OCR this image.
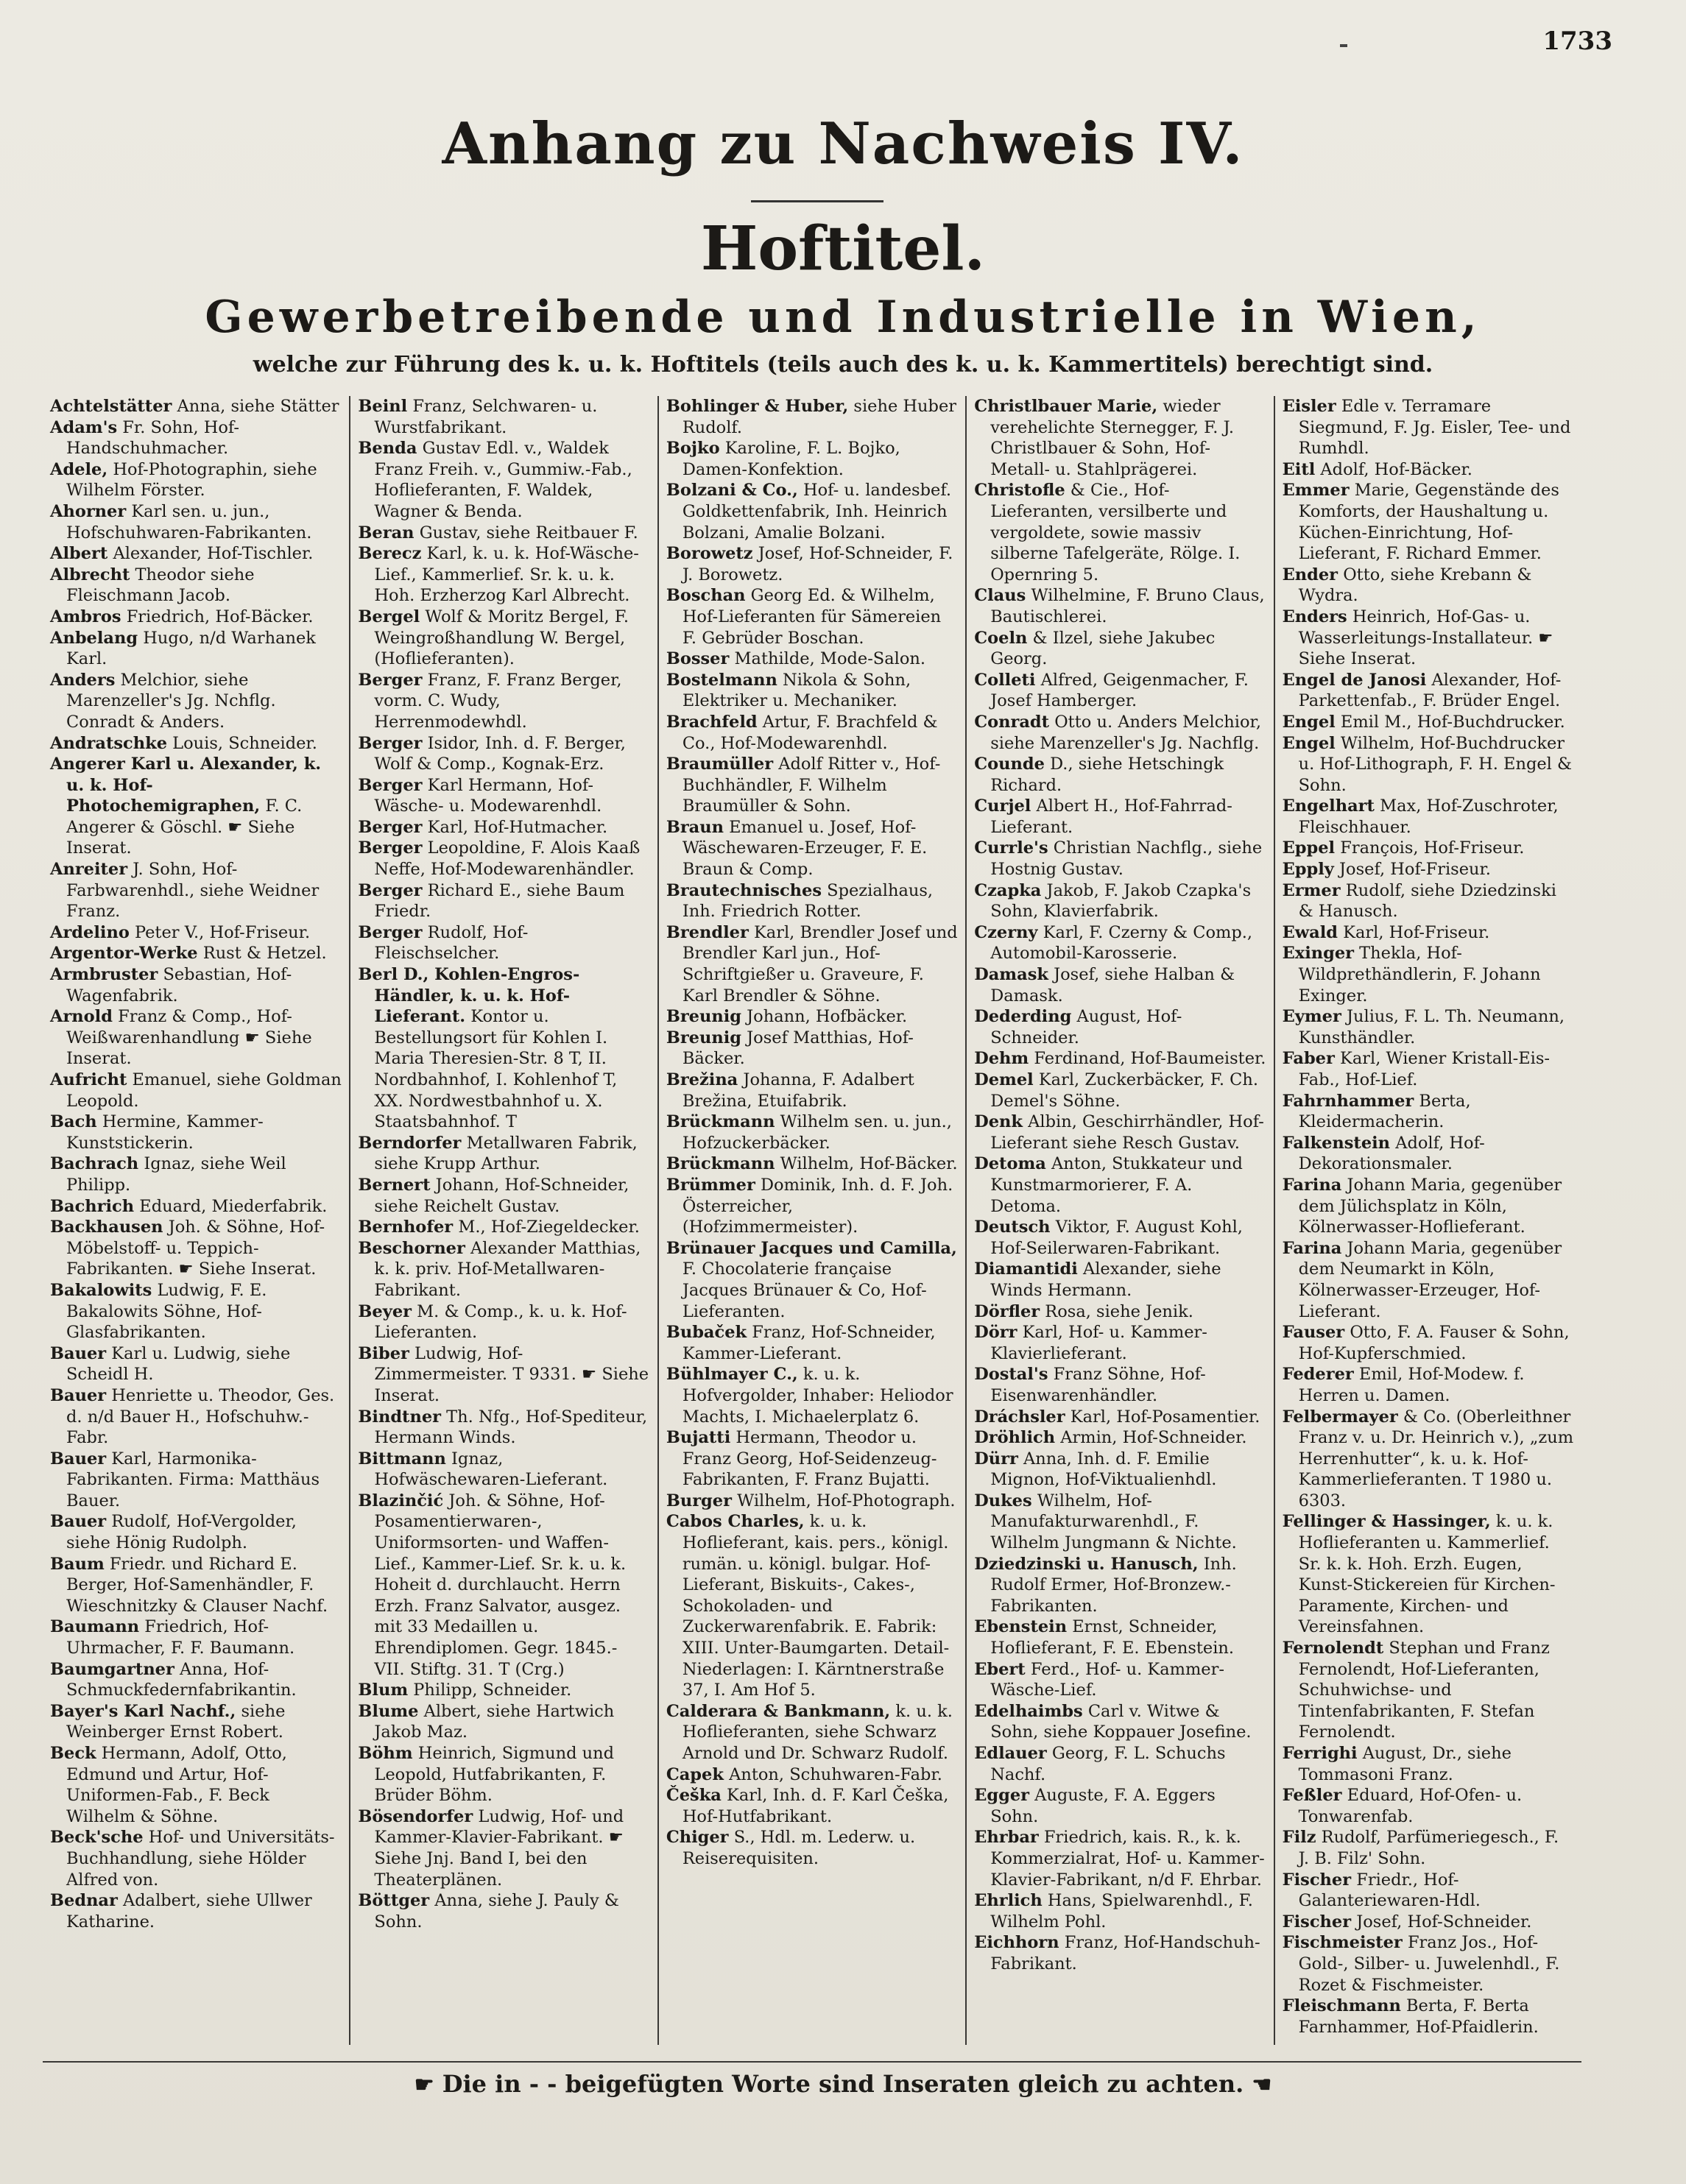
1733
Anhang zu Nachweis IV.
Hoftitel.
Gewerbetreibende und Industrielle in Wien,
welche zur Führung des k. u. k. Hoftitels (teils auch des k. u. k. Kammertitels) berechtigt sind.

Achtelstätter Anna, siehe Stätter

Adam's Fr. Sohn, Hof-Handschuhmacher.

Adele, Hof-Photographin, siehe Wilhelm Förster.

Ahorner Karl sen. u. jun., Hofschuhwaren-Fabrikanten.

Albert Alexander, Hof-Tischler.

Albrecht Theodor siehe Fleischmann Jacob.

Ambros Friedrich, Hof-Bäcker.

Anbelang Hugo, n/d Warhanek Karl.

Anders Melchior, siehe Marenzeller's Jg. Nchflg. Conradt & Anders.

Andratschke Louis, Schneider.

Angerer Karl u. Alexander, k. u. k. Hof-Photochemigraphen, F. C. Angerer & Göschl. ☛ Siehe Inserat.

Anreiter J. Sohn, Hof-Farbwarenhdl., siehe Weidner Franz.

Ardelino Peter V., Hof-Friseur.

Argentor-Werke Rust & Hetzel.

Armbruster Sebastian, Hof-Wagenfabrik.

Arnold Franz & Comp., Hof-Weißwarenhandlung ☛ Siehe Inserat.

Aufricht Emanuel, siehe Goldman Leopold.

Bach Hermine, Kammer-Kunststickerin.

Bachrach Ignaz, siehe Weil Philipp.

Bachrich Eduard, Miederfabrik.

Backhausen Joh. & Söhne, Hof-Möbelstoff- u. Teppich-Fabrikanten. ☛ Siehe Inserat.

Bakalowits Ludwig, F. E. Bakalowits Söhne, Hof-Glasfabrikanten.

Bauer Karl u. Ludwig, siehe Scheidl H.

Bauer Henriette u. Theodor, Ges. d. n/d Bauer H., Hofschuhw.-Fabr.

Bauer Karl, Harmonika-Fabrikanten. Firma: Matthäus Bauer.

Bauer Rudolf, Hof-Vergolder, siehe Hönig Rudolph.

Baum Friedr. und Richard E. Berger, Hof-Samenhändler, F. Wieschnitzky & Clauser Nachf.

Baumann Friedrich, Hof-Uhrmacher, F. F. Baumann.

Baumgartner Anna, Hof-Schmuckfedernfabrikantin.

Bayer's Karl Nachf., siehe Weinberger Ernst Robert.

Beck Hermann, Adolf, Otto, Edmund und Artur, Hof-Uniformen-Fab., F. Beck Wilhelm & Söhne.

Beck'sche Hof- und Universitäts-Buchhandlung, siehe Hölder Alfred von.

Bednar Adalbert, siehe Ullwer Katharine.

Beinl Franz, Selchwaren- u. Wurstfabrikant.

Benda Gustav Edl. v., Waldek Franz Freih. v., Gummiw.-Fab., Hoflieferanten, F. Waldek, Wagner & Benda.

Beran Gustav, siehe Reitbauer F.

Berecz Karl, k. u. k. Hof-Wäsche-Lief., Kammerlief. Sr. k. u. k. Hoh. Erzherzog Karl Albrecht.

Bergel Wolf & Moritz Bergel, F. Weingroßhandlung W. Bergel, (Hoflieferanten).

Berger Franz, F. Franz Berger, vorm. C. Wudy, Herrenmodewhdl.

Berger Isidor, Inh. d. F. Berger, Wolf & Comp., Kognak-Erz.

Berger Karl Hermann, Hof-Wäsche- u. Modewarenhdl.

Berger Karl, Hof-Hutmacher.

Berger Leopoldine, F. Alois Kaaß Neffe, Hof-Modewarenhändler.

Berger Richard E., siehe Baum Friedr.

Berger Rudolf, Hof-Fleischselcher.

Berl D., Kohlen-Engros-Händler, k. u. k. Hof-Lieferant. Kontor u. Bestellungsort für Kohlen I. Maria Theresien-Str. 8 T, II. Nordbahnhof, I. Kohlenhof T, XX. Nordwestbahnhof u. X. Staatsbahnhof. T

Berndorfer Metallwaren Fabrik, siehe Krupp Arthur.

Bernert Johann, Hof-Schneider, siehe Reichelt Gustav.

Bernhofer M., Hof-Ziegeldecker.

Beschorner Alexander Matthias, k. k. priv. Hof-Metallwaren-Fabrikant.

Beyer M. & Comp., k. u. k. Hof-Lieferanten.

Biber Ludwig, Hof-Zimmermeister. T 9331. ☛ Siehe Inserat.

Bindtner Th. Nfg., Hof-Spediteur, Hermann Winds.

Bittmann Ignaz, Hofwäschewaren-Lieferant.

Blazinčić Joh. & Söhne, Hof-Posamentierwaren-, Uniformsorten- und Waffen-Lief., Kammer-Lief. Sr. k. u. k. Hoheit d. durchlaucht. Herrn Erzh. Franz Salvator, ausgez. mit 33 Medaillen u. Ehrendiplomen. Gegr. 1845.- VII. Stiftg. 31. T (Crg.)

Blum Philipp, Schneider.

Blume Albert, siehe Hartwich Jakob Maz.

Böhm Heinrich, Sigmund und Leopold, Hutfabrikanten, F. Brüder Böhm.

Bösendorfer Ludwig, Hof- und Kammer-Klavier-Fabrikant. ☛ Siehe Jnj. Band I, bei den Theaterplänen.

Böttger Anna, siehe J. Pauly & Sohn.

Bohlinger & Huber, siehe Huber Rudolf.

Bojko Karoline, F. L. Bojko, Damen-Konfektion.

Bolzani & Co., Hof- u. landesbef. Goldkettenfabrik, Inh. Heinrich Bolzani, Amalie Bolzani.

Borowetz Josef, Hof-Schneider, F. J. Borowetz.

Boschan Georg Ed. & Wilhelm, Hof-Lieferanten für Sämereien F. Gebrüder Boschan.

Bosser Mathilde, Mode-Salon.

Bostelmann Nikola & Sohn, Elektriker u. Mechaniker.

Brachfeld Artur, F. Brachfeld & Co., Hof-Modewarenhdl.

Braumüller Adolf Ritter v., Hof-Buchhändler, F. Wilhelm Braumüller & Sohn.

Braun Emanuel u. Josef, Hof-Wäschewaren-Erzeuger, F. E. Braun & Comp.

Brautechnisches Spezialhaus, Inh. Friedrich Rotter.

Brendler Karl, Brendler Josef und Brendler Karl jun., Hof-Schriftgießer u. Graveure, F. Karl Brendler & Söhne.

Breunig Johann, Hofbäcker.

Breunig Josef Matthias, Hof-Bäcker.

Brežina Johanna, F. Adalbert Brežina, Etuifabrik.

Brückmann Wilhelm sen. u. jun., Hofzuckerbäcker.

Brückmann Wilhelm, Hof-Bäcker.

Brümmer Dominik, Inh. d. F. Joh. Österreicher, (Hofzimmermeister).

Brünauer Jacques und Camilla, F. Chocolaterie française Jacques Brünauer & Co, Hof-Lieferanten.

Bubaček Franz, Hof-Schneider, Kammer-Lieferant.

Bühlmayer C., k. u. k. Hofvergolder, Inhaber: Heliodor Machts, I. Michaelerplatz 6.

Bujatti Hermann, Theodor u. Franz Georg, Hof-Seidenzeug-Fabrikanten, F. Franz Bujatti.

Burger Wilhelm, Hof-Photograph.

Cabos Charles, k. u. k. Hoflieferant, kais. pers., königl. rumän. u. königl. bulgar. Hof-Lieferant, Biskuits-, Cakes-, Schokoladen- und Zuckerwarenfabrik. E. Fabrik: XIII. Unter-Baumgarten. Detail-Niederlagen: I. Kärntnerstraße 37, I. Am Hof 5.

Calderara & Bankmann, k. u. k. Hoflieferanten, siehe Schwarz Arnold und Dr. Schwarz Rudolf.

Capek Anton, Schuhwaren-Fabr.

Češka Karl, Inh. d. F. Karl Češka, Hof-Hutfabrikant.

Chiger S., Hdl. m. Lederw. u. Reiserequisiten.

Christlbauer Marie, wieder verehelichte Sternegger, F. J. Christlbauer & Sohn, Hof-Metall- u. Stahlprägerei.

Christofle & Cie., Hof-Lieferanten, versilberte und vergoldete, sowie massiv silberne Tafelgeräte, Rölge. I. Opernring 5.

Claus Wilhelmine, F. Bruno Claus, Bautischlerei.

Coeln & Ilzel, siehe Jakubec Georg.

Colleti Alfred, Geigenmacher, F. Josef Hamberger.

Conradt Otto u. Anders Melchior, siehe Marenzeller's Jg. Nachflg.

Counde D., siehe Hetschingk Richard.

Curjel Albert H., Hof-Fahrrad-Lieferant.

Currle's Christian Nachflg., siehe Hostnig Gustav.

Czapka Jakob, F. Jakob Czapka's Sohn, Klavierfabrik.

Czerny Karl, F. Czerny & Comp., Automobil-Karosserie.

Damask Josef, siehe Halban & Damask.

Dederding August, Hof-Schneider.

Dehm Ferdinand, Hof-Baumeister.

Demel Karl, Zuckerbäcker, F. Ch. Demel's Söhne.

Denk Albin, Geschirrhändler, Hof-Lieferant siehe Resch Gustav.

Detoma Anton, Stukkateur und Kunstmarmorierer, F. A. Detoma.

Deutsch Viktor, F. August Kohl, Hof-Seilerwaren-Fabrikant.

Diamantidi Alexander, siehe Winds Hermann.

Dörfler Rosa, siehe Jenik.

Dörr Karl, Hof- u. Kammer-Klavierlieferant.

Dostal's Franz Söhne, Hof-Eisenwarenhändler.

Dráchsler Karl, Hof-Posamentier.

Dröhlich Armin, Hof-Schneider.

Dürr Anna, Inh. d. F. Emilie Mignon, Hof-Viktualienhdl.

Dukes Wilhelm, Hof-Manufakturwarenhdl., F. Wilhelm Jungmann & Nichte.

Dziedzinski u. Hanusch, Inh. Rudolf Ermer, Hof-Bronzew.-Fabrikanten.

Ebenstein Ernst, Schneider, Hoflieferant, F. E. Ebenstein.

Ebert Ferd., Hof- u. Kammer-Wäsche-Lief.

Edelhaimbs Carl v. Witwe & Sohn, siehe Koppauer Josefine.

Edlauer Georg, F. L. Schuchs Nachf.

Egger Auguste, F. A. Eggers Sohn.

Ehrbar Friedrich, kais. R., k. k. Kommerzialrat, Hof- u. Kammer-Klavier-Fabrikant, n/d F. Ehrbar.

Ehrlich Hans, Spielwarenhdl., F. Wilhelm Pohl.

Eichhorn Franz, Hof-Handschuh-Fabrikant.

Eisler Edle v. Terramare Siegmund, F. Jg. Eisler, Tee- und Rumhdl.

Eitl Adolf, Hof-Bäcker.

Emmer Marie, Gegenstände des Komforts, der Haushaltung u. Küchen-Einrichtung, Hof-Lieferant, F. Richard Emmer.

Ender Otto, siehe Krebann & Wydra.

Enders Heinrich, Hof-Gas- u. Wasserleitungs-Installateur. ☛ Siehe Inserat.

Engel de Janosi Alexander, Hof-Parkettenfab., F. Brüder Engel.

Engel Emil M., Hof-Buchdrucker.

Engel Wilhelm, Hof-Buchdrucker u. Hof-Lithograph, F. H. Engel & Sohn.

Engelhart Max, Hof-Zuschroter, Fleischhauer.

Eppel François, Hof-Friseur.

Epply Josef, Hof-Friseur.

Ermer Rudolf, siehe Dziedzinski & Hanusch.

Ewald Karl, Hof-Friseur.

Exinger Thekla, Hof-Wildprethändlerin, F. Johann Exinger.

Eymer Julius, F. L. Th. Neumann, Kunsthändler.

Faber Karl, Wiener Kristall-Eis-Fab., Hof-Lief.

Fahrnhammer Berta, Kleidermacherin.

Falkenstein Adolf, Hof-Dekorationsmaler.

Farina Johann Maria, gegenüber dem Jülichsplatz in Köln, Kölnerwasser-Hoflieferant.

Farina Johann Maria, gegenüber dem Neumarkt in Köln, Kölnerwasser-Erzeuger, Hof-Lieferant.

Fauser Otto, F. A. Fauser & Sohn, Hof-Kupferschmied.

Federer Emil, Hof-Modew. f. Herren u. Damen.

Felbermayer & Co. (Oberleithner Franz v. u. Dr. Heinrich v.), „zum Herrenhutter“, k. u. k. Hof-Kammerlieferanten. T 1980 u. 6303.

Fellinger & Hassinger, k. u. k. Hoflieferanten u. Kammerlief. Sr. k. k. Hoh. Erzh. Eugen, Kunst-Stickereien für Kirchen-Paramente, Kirchen- und Vereinsfahnen.

Fernolendt Stephan und Franz Fernolendt, Hof-Lieferanten, Schuhwichse- und Tintenfabrikanten, F. Stefan Fernolendt.

Ferrighi August, Dr., siehe Tommasoni Franz.

Feßler Eduard, Hof-Ofen- u. Tonwarenfab.

Filz Rudolf, Parfümeriegesch., F. J. B. Filz' Sohn.

Fischer Friedr., Hof-Galanteriewaren-Hdl.

Fischer Josef, Hof-Schneider.

Fischmeister Franz Jos., Hof-Gold-, Silber- u. Juwelenhdl., F. Rozet & Fischmeister.

Fleischmann Berta, F. Berta Farnhammer, Hof-Pfaidlerin.

☛ Die in - - beigefügten Worte sind Inseraten gleich zu achten. ☚
